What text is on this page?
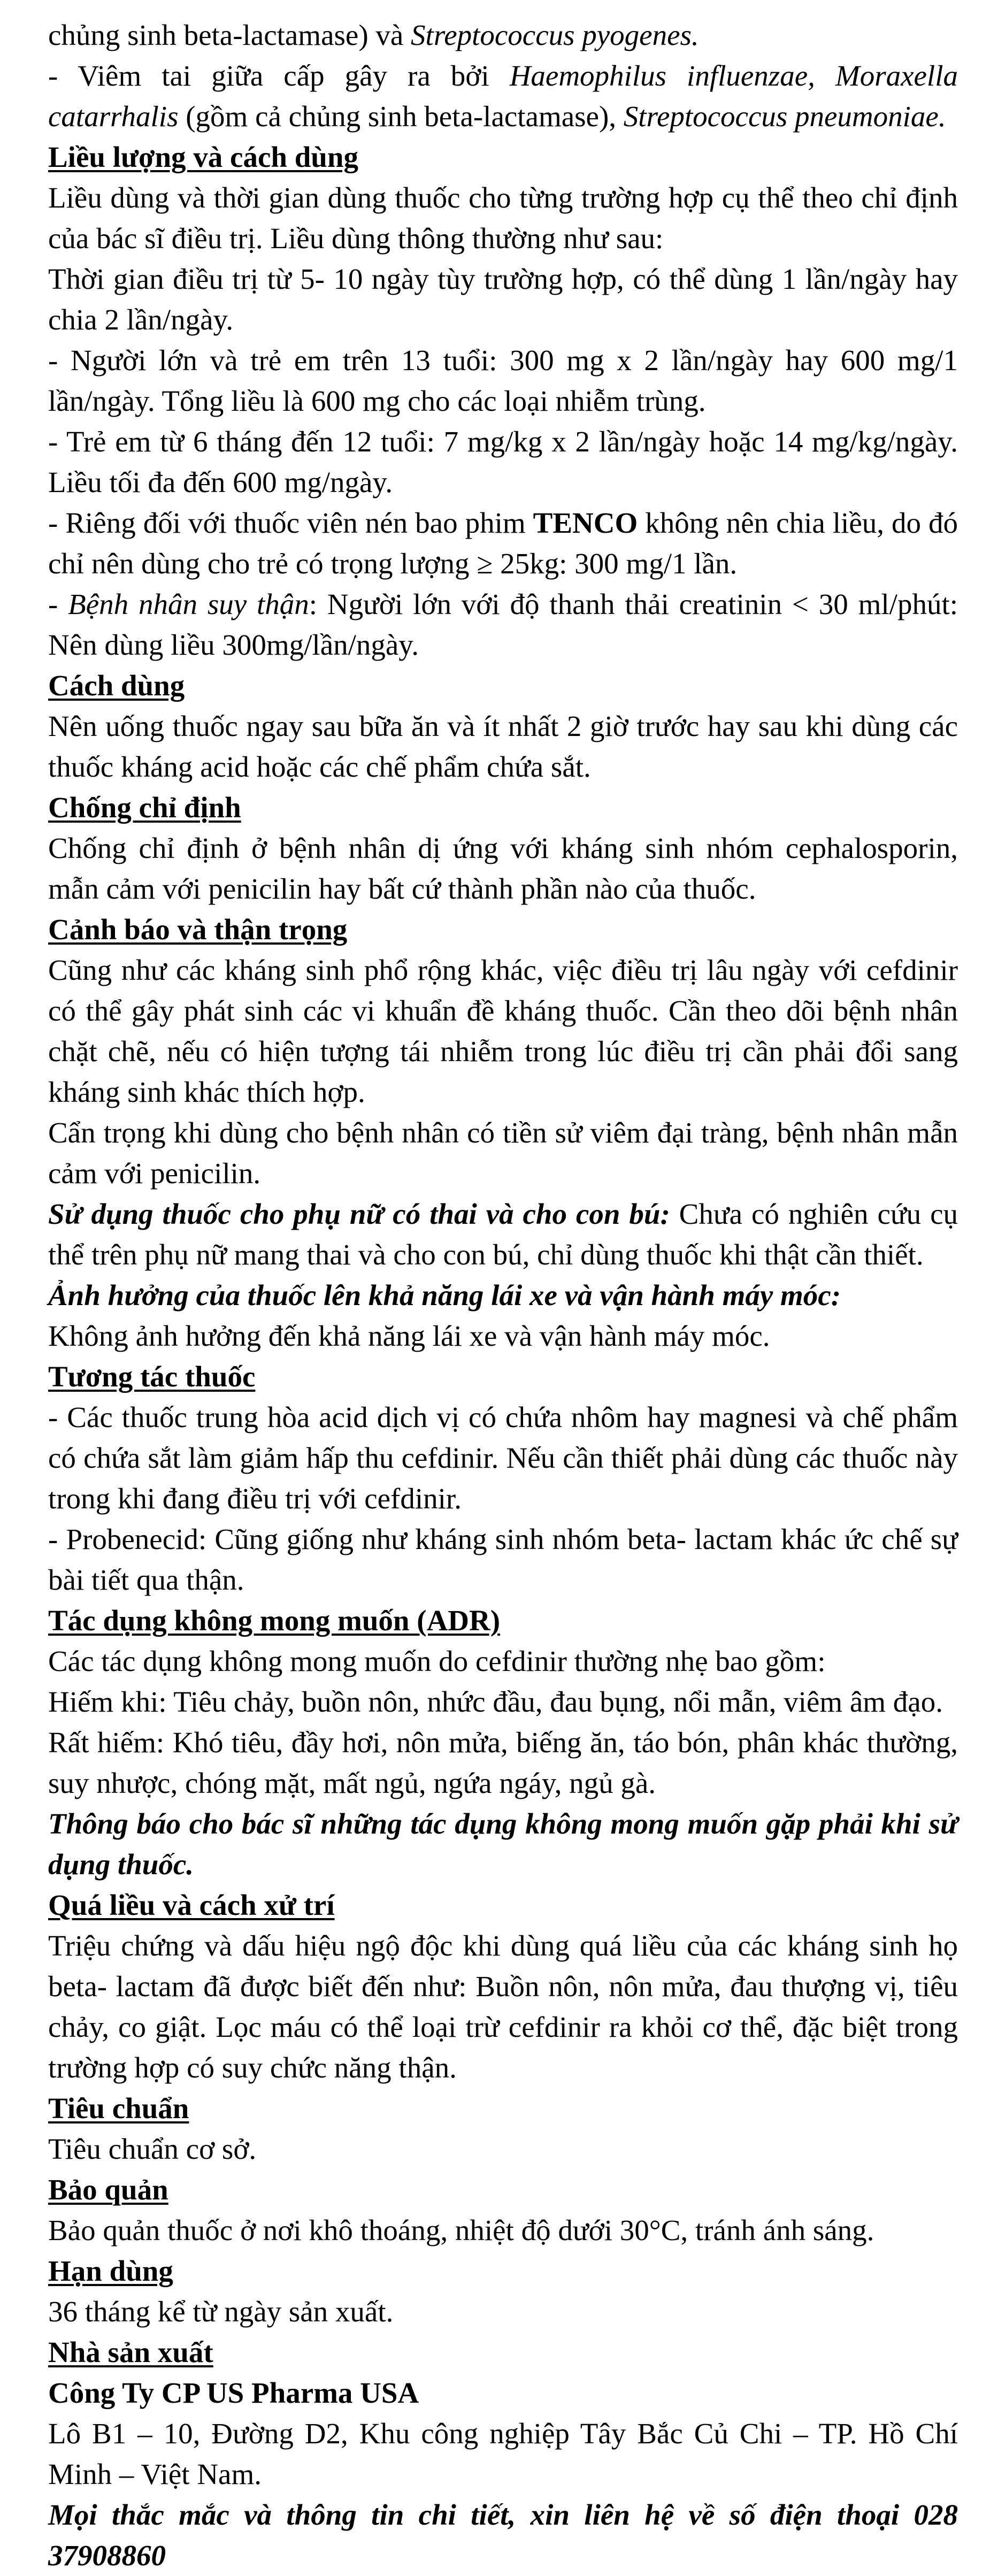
chủng sinh beta-lactamase) và Streptococcus pyogenes.

- Viêm tai giữa cấp gây ra bởi Haemophilus influenzae, Moraxella catarrhalis (gồm cả chủng sinh beta-lactamase), Streptococcus pneumoniae.

Liều lượng và cách dùng

Liều dùng và thời gian dùng thuốc cho từng trường hợp cụ thể theo chỉ định của bác sĩ điều trị. Liều dùng thông thường như sau:

Thời gian điều trị từ 5- 10 ngày tùy trường hợp, có thể dùng 1 lần/ngày hay chia 2 lần/ngày.

- Người lớn và trẻ em trên 13 tuổi: 300 mg x 2 lần/ngày hay 600 mg/1 lần/ngày. Tổng liều là 600 mg cho các loại nhiễm trùng.

- Trẻ em từ 6 tháng đến 12 tuổi: 7 mg/kg x 2 lần/ngày hoặc 14 mg/kg/ngày. Liều tối đa đến 600 mg/ngày.

- Riêng đối với thuốc viên nén bao phim TENCO không nên chia liều, do đó chỉ nên dùng cho trẻ có trọng lượng ≥ 25kg: 300 mg/1 lần.

- Bệnh nhân suy thận: Người lớn với độ thanh thải creatinin < 30 ml/phút: Nên dùng liều 300mg/lần/ngày.

Cách dùng

Nên uống thuốc ngay sau bữa ăn và ít nhất 2 giờ trước hay sau khi dùng các thuốc kháng acid hoặc các chế phẩm chứa sắt.

Chống chỉ định

Chống chỉ định ở bệnh nhân dị ứng với kháng sinh nhóm cephalosporin, mẫn cảm với penicilin hay bất cứ thành phần nào của thuốc.

Cảnh báo và thận trọng

Cũng như các kháng sinh phổ rộng khác, việc điều trị lâu ngày với cefdinir có thể gây phát sinh các vi khuẩn đề kháng thuốc. Cần theo dõi bệnh nhân chặt chẽ, nếu có hiện tượng tái nhiễm trong lúc điều trị cần phải đổi sang kháng sinh khác thích hợp.

Cẩn trọng khi dùng cho bệnh nhân có tiền sử viêm đại tràng, bệnh nhân mẫn cảm với penicilin.

Sử dụng thuốc cho phụ nữ có thai và cho con bú: Chưa có nghiên cứu cụ thể trên phụ nữ mang thai và cho con bú, chỉ dùng thuốc khi thật cần thiết.

Ảnh hưởng của thuốc lên khả năng lái xe và vận hành máy móc:

Không ảnh hưởng đến khả năng lái xe và vận hành máy móc.

Tương tác thuốc

- Các thuốc trung hòa acid dịch vị có chứa nhôm hay magnesi và chế phẩm có chứa sắt làm giảm hấp thu cefdinir. Nếu cần thiết phải dùng các thuốc này trong khi đang điều trị với cefdinir.

- Probenecid: Cũng giống như kháng sinh nhóm beta- lactam khác ức chế sự bài tiết qua thận.

Tác dụng không mong muốn (ADR)

Các tác dụng không mong muốn do cefdinir thường nhẹ bao gồm:

Hiếm khi: Tiêu chảy, buồn nôn, nhức đầu, đau bụng, nổi mẫn, viêm âm đạo.

Rất hiếm: Khó tiêu, đầy hơi, nôn mửa, biếng ăn, táo bón, phân khác thường, suy nhược, chóng mặt, mất ngủ, ngứa ngáy, ngủ gà.

Thông báo cho bác sĩ những tác dụng không mong muốn gặp phải khi sử dụng thuốc.

Quá liều và cách xử trí

Triệu chứng và dấu hiệu ngộ độc khi dùng quá liều của các kháng sinh họ beta- lactam đã được biết đến như: Buồn nôn, nôn mửa, đau thượng vị, tiêu chảy, co giật. Lọc máu có thể loại trừ cefdinir ra khỏi cơ thể, đặc biệt trong trường hợp có suy chức năng thận.

Tiêu chuẩn

Tiêu chuẩn cơ sở.

Bảo quản

Bảo quản thuốc ở nơi khô thoáng, nhiệt độ dưới 30°C, tránh ánh sáng.

Hạn dùng

36 tháng kể từ ngày sản xuất.

Nhà sản xuất

Công Ty CP US Pharma USA

Lô B1 – 10, Đường D2, Khu công nghiệp Tây Bắc Củ Chi – TP. Hồ Chí Minh – Việt Nam.

Mọi thắc mắc và thông tin chi tiết, xin liên hệ về số điện thoại 028 37908860
